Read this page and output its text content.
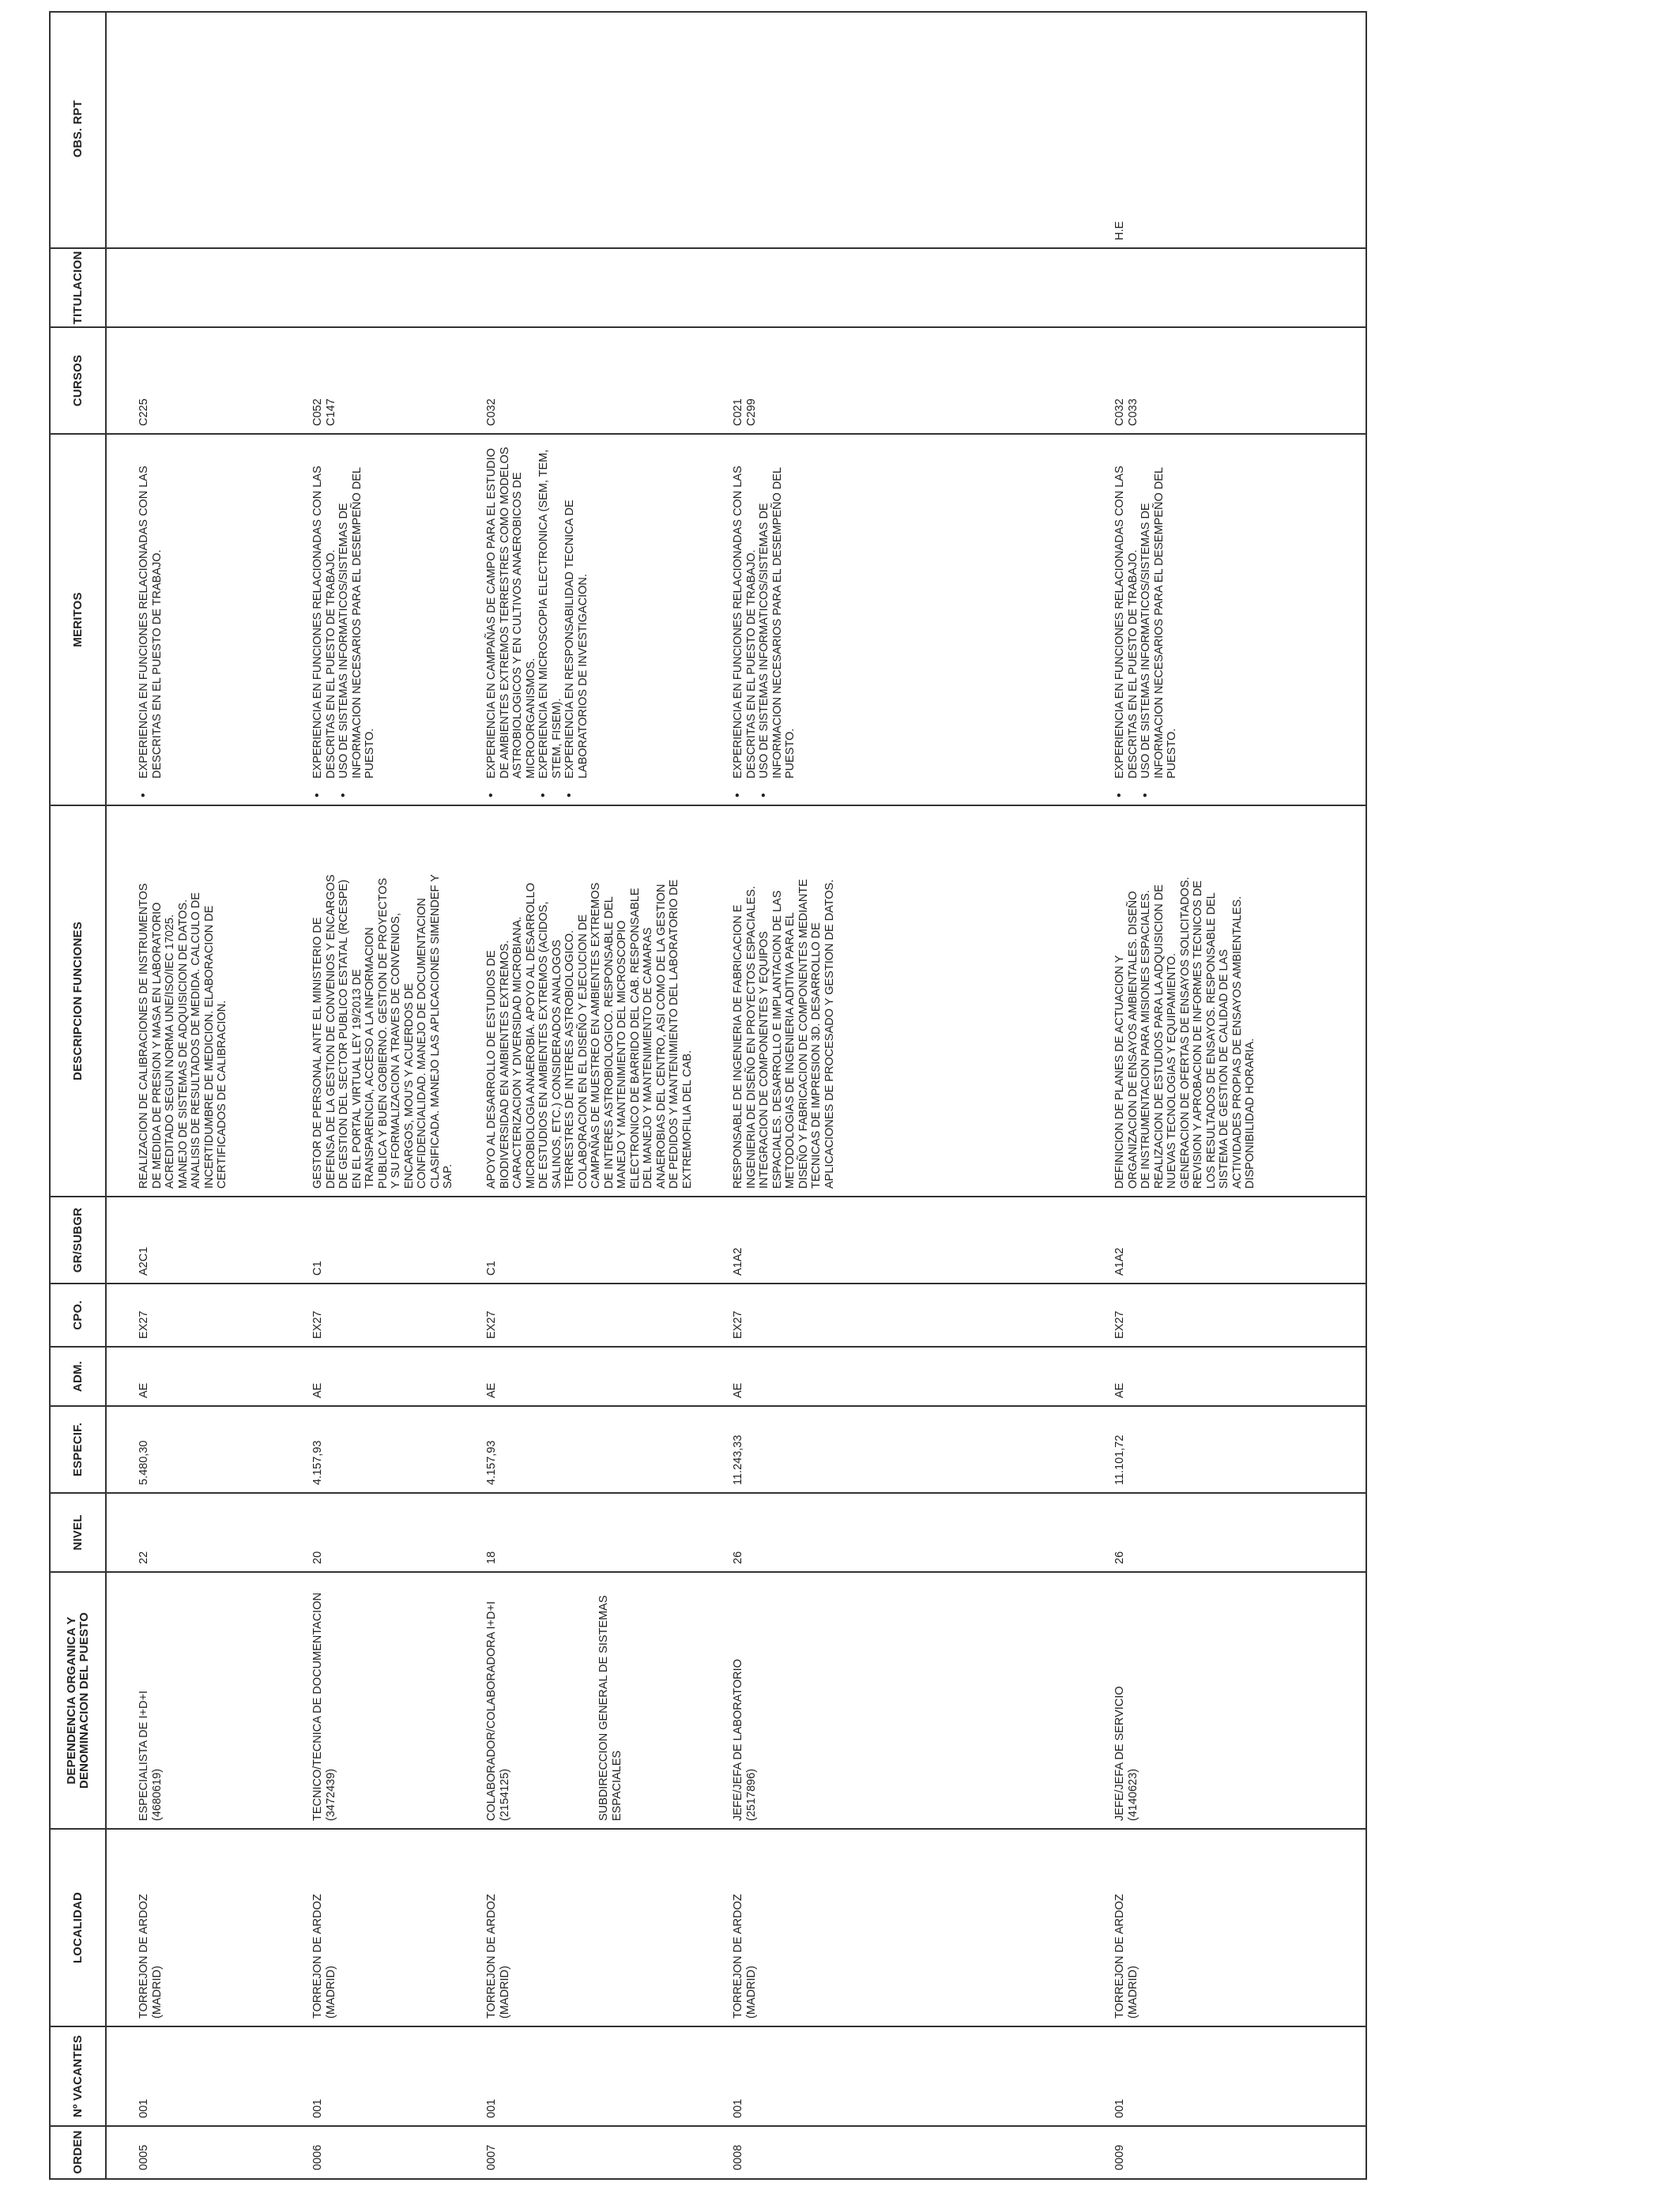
ORDEN
Nº VACANTES
LOCALIDAD
DEPENDENCIA ORGANICA Y DENOMINACION DEL PUESTO
NIVEL
ESPECIF.
ADM.
CPO.
GR/SUBGR
DESCRIPCION FUNCIONES
MERITOS
CURSOS
TITULACION
OBS. RPT
0005
001
TORREJON DE ARDOZ
(MADRID)
ESPECIALISTA DE I+D+I
(4680619)
22
5.480,30
AE
EX27
A2C1
REALIZACION DE CALIBRACIONES DE INSTRUMENTOS
DE MEDIDA DE PRESION Y MASA EN LABORATORIO
ACREDITADO SEGUN NORMA UNE/ISO/IEC 17025.
MANEJO DE SISTEMAS DE ADQUISICION DE DATOS.
ANALISIS DE RESULTADOS DE MEDIDA. CALCULO DE
INCERTIDUMBRE DE MEDICION. ELABORACION DE
CERTIFICADOS DE CALIBRACION.
• EXPERIENCIA EN FUNCIONES RELACIONADAS CON LAS
DESCRITAS EN EL PUESTO DE TRABAJO.
C225
0006
001
TORREJON DE ARDOZ
(MADRID)
TECNICO/TECNICA DE DOCUMENTACION
(3472439)
20
4.157,93
AE
EX27
C1
GESTOR DE PERSONAL ANTE EL MINISTERIO DE
DEFENSA DE LA GESTION DE CONVENIOS Y ENCARGOS
DE GESTION DEL SECTOR PUBLICO ESTATAL (RCESPE)
EN EL PORTAL VIRTUAL LEY 19/2013 DE
TRANSPARENCIA, ACCESO A LA INFORMACION
PUBLICA Y BUEN GOBIERNO. GESTION DE PROYECTOS
Y SU FORMALIZACION A TRAVES DE CONVENIOS,
ENCARGOS, MOU'S Y ACUERDOS DE
CONFIDENCIALIDAD. MANEJO DE DOCUMENTACION
CLASIFICADA. MANEJO LAS APLICACIONES SIMENDEF Y
SAP.
• EXPERIENCIA EN FUNCIONES RELACIONADAS CON LAS
DESCRITAS EN EL PUESTO DE TRABAJO.
• USO DE SISTEMAS INFORMATICOS/SISTEMAS DE
INFORMACION NECESARIOS PARA EL DESEMPEÑO DEL
PUESTO.
C052
C147
0007
001
TORREJON DE ARDOZ
(MADRID)
COLABORADOR/COLABORADORA I+D+I
(2154125)
18
4.157,93
AE
EX27
C1
APOYO AL DESARROLLO DE ESTUDIOS DE
BIODIVERSIDAD EN AMBIENTES EXTREMOS.
CARACTERIZACION Y DIVERSIDAD MICROBIANA.
MICROBIOLOGIA ANAEROBIA. APOYO AL DESARROLLO
DE ESTUDIOS EN AMBIENTES EXTREMOS (ACIDOS,
SALINOS, ETC.) CONSIDERADOS ANALOGOS
TERRESTRES DE INTERES ASTROBIOLOGICO.
COLABORACION EN EL DISEÑO Y EJECUCION DE
CAMPAÑAS DE MUESTREO EN AMBIENTES EXTREMOS
DE INTERES ASTROBIOLOGICO. RESPONSABLE DEL
MANEJO Y MANTENIMIENTO DEL MICROSCOPIO
ELECTRONICO DE BARRIDO DEL CAB. RESPONSABLE
DEL MANEJO Y MANTENIMIENTO DE CAMARAS
ANAEROBIAS DEL CENTRO, ASI COMO DE LA GESTION
DE PEDIDOS Y MANTENIMIENTO DEL LABORATORIO DE
EXTREMOFILIA DEL CAB.
• EXPERIENCIA EN CAMPAÑAS DE CAMPO PARA EL ESTUDIO
DE AMBIENTES EXTREMOS TERRESTRES COMO MODELOS
ASTROBIOLOGICOS Y EN CULTIVOS ANAEROBICOS DE
MICROORGANISMOS. • EXPERIENCIA EN MICROSCOPIA ELECTRONICA (SEM, TEM,
STEM, FISEM). • EXPERIENCIA EN RESPONSABILIDAD TECNICA DE
LABORATORIOS DE INVESTIGACION.
C032
0008
001
TORREJON DE ARDOZ
(MADRID)
SUBDIRECCION GENERAL DE SISTEMAS ESPACIALES	JEFE/JEFA DE LABORATORIO
(2517896)
26
11.243,33
AE
EX27
A1A2
RESPONSABLE DE INGENIERIA DE FABRICACION E
INGENIERIA DE DISEÑO EN PROYECTOS ESPACIALES.
INTEGRACION DE COMPONENTES Y EQUIPOS
ESPACIALES. DESARROLLO E IMPLANTACION DE LAS
METODOLOGIAS DE INGENIERIA ADITIVA PARA EL
DISEÑO Y FABRICACION DE COMPONENTES MEDIANTE
TECNICAS DE IMPRESION 3D. DESARROLLO DE
APLICACIONES DE PROCESADO Y GESTION DE DATOS.
• EXPERIENCIA EN FUNCIONES RELACIONADAS CON LAS
DESCRITAS EN EL PUESTO DE TRABAJO.
• USO DE SISTEMAS INFORMATICOS/SISTEMAS DE
INFORMACION NECESARIOS PARA EL DESEMPEÑO DEL
PUESTO.
C021
C299
0009
001
TORREJON DE ARDOZ
(MADRID)
JEFE/JEFA DE SERVICIO
(4140623)
26
11.101,72
AE
EX27
A1A2
DEFINICION DE PLANES DE ACTUACION Y
ORGANIZACION DE ENSAYOS AMBIENTALES. DISEÑO
DE INSTRUMENTACION PARA MISIONES ESPACIALES.
REALIZACION DE ESTUDIOS PARA LA ADQUISICION DE
NUEVAS TECNOLOGIAS Y EQUIPAMIENTO.
GENERACION DE OFERTAS DE ENSAYOS SOLICITADOS.
REVISION Y APROBACION DE INFORMES TECNICOS DE
LOS RESULTADOS DE ENSAYOS. RESPONSABLE DEL
SISTEMA DE GESTION DE CALIDAD DE LAS
ACTIVIDADES PROPIAS DE ENSAYOS AMBIENTALES.
DISPONIBILIDAD HORARIA.
• EXPERIENCIA EN FUNCIONES RELACIONADAS CON LAS
DESCRITAS EN EL PUESTO DE TRABAJO.
• USO DE SISTEMAS INFORMATICOS/SISTEMAS DE
INFORMACION NECESARIOS PARA EL DESEMPEÑO DEL
PUESTO.
C032
C033
H.E
